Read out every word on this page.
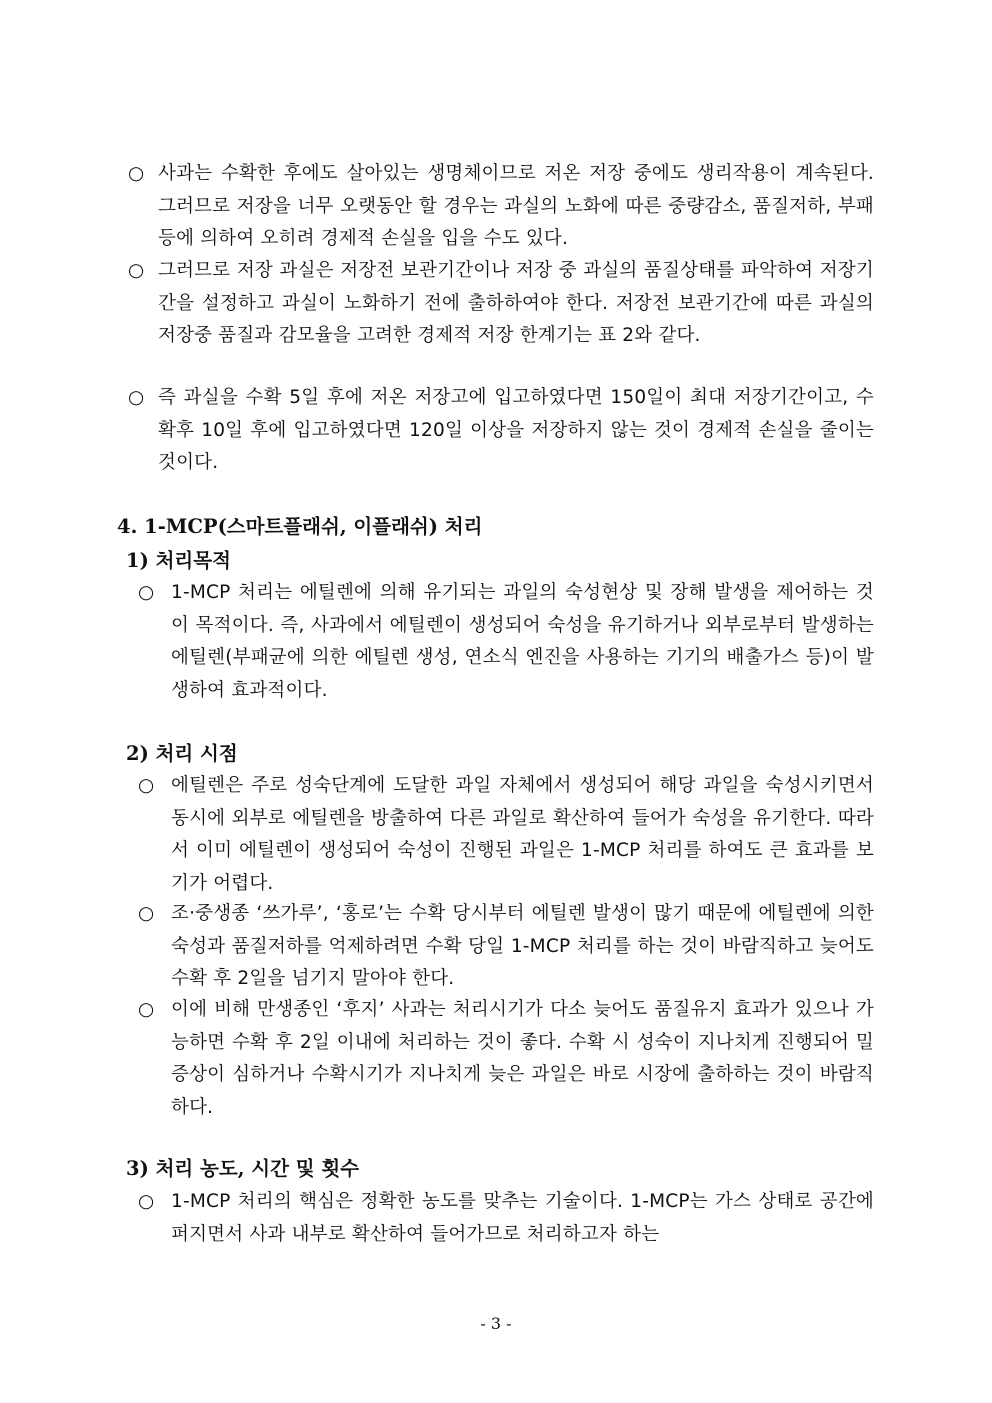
○ 사과는 수확한 후에도 살아있는 생명체이므로 저온 저장 중에도 생리작용이 계속된다. 그러므로 저장을 너무 오랫동안 할 경우는 과실의 노화에 따른 중량감소, 품질저하, 부패 등에 의하여 오히려 경제적 손실을 입을 수도 있다.
○ 그러므로 저장 과실은 저장전 보관기간이나 저장 중 과실의 품질상태를 파악하여 저장기간을 설정하고 과실이 노화하기 전에 출하하여야 한다. 저장전 보관기간에 따른 과실의 저장중 품질과 감모율을 고려한 경제적 저장 한계기는 표 2와 같다.
○ 즉 과실을 수확 5일 후에 저온 저장고에 입고하였다면 150일이 최대 저장기간이고, 수확후 10일 후에 입고하였다면 120일 이상을 저장하지 않는 것이 경제적 손실을 줄이는 것이다.
4. 1-MCP(스마트플래쉬, 이플래쉬) 처리
1) 처리목적
○ 1-MCP 처리는 에틸렌에 의해 유기되는 과일의 숙성현상 및 장해 발생을 제어하는 것이 목적이다. 즉, 사과에서 에틸렌이 생성되어 숙성을 유기하거나 외부로부터 발생하는 에틸렌(부패균에 의한 에틸렌 생성, 연소식 엔진을 사용하는 기기의 배출가스 등)이 발생하여 효과적이다.
2) 처리 시점
○ 에틸렌은 주로 성숙단계에 도달한 과일 자체에서 생성되어 해당 과일을 숙성시키면서 동시에 외부로 에틸렌을 방출하여 다른 과일로 확산하여 들어가 숙성을 유기한다. 따라서 이미 에틸렌이 생성되어 숙성이 진행된 과일은 1-MCP 처리를 하여도 큰 효과를 보기가 어렵다.
○ 조·중생종 ‘쓰가루’, ‘홍로’는 수확 당시부터 에틸렌 발생이 많기 때문에 에틸렌에 의한 숙성과 품질저하를 억제하려면 수확 당일 1-MCP 처리를 하는 것이 바람직하고 늦어도 수확 후 2일을 넘기지 말아야 한다.
○ 이에 비해 만생종인 ‘후지’ 사과는 처리시기가 다소 늦어도 품질유지 효과가 있으나 가능하면 수확 후 2일 이내에 처리하는 것이 좋다. 수확 시 성숙이 지나치게 진행되어 밀 증상이 심하거나 수확시기가 지나치게 늦은 과일은 바로 시장에 출하하는 것이 바람직하다.
3) 처리 농도, 시간 및 횟수
○ 1-MCP 처리의 핵심은 정확한 농도를 맞추는 기술이다. 1-MCP는 가스 상태로 공간에 퍼지면서 사과 내부로 확산하여 들어가므로 처리하고자 하는
- 3 -
